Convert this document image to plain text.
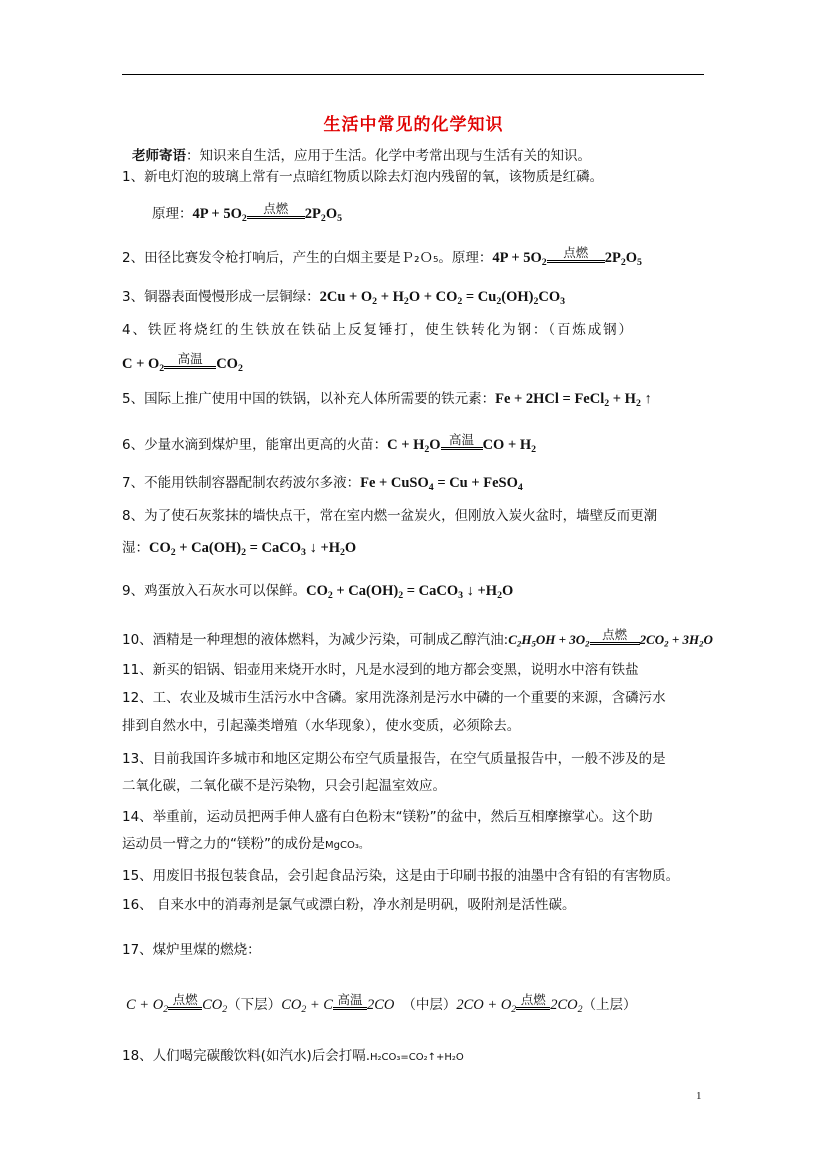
生活中常见的化学知识
老师寄语：知识来自生活，应用于生活。化学中考常出现与生活有关的知识。
1、新电灯泡的玻璃上常有一点暗红物质以除去灯泡内残留的氧，该物质是红磷。
原理：$4P + 5O_2$
点燃	$2P_2O_5$
2、田径比赛发令枪打响后，产生的白烟主要是Ｐ₂Ｏ₅。原理：$4P + 5O_2$
点燃	$2P_2O_5$
3、铜器表面慢慢形成一层铜绿：$2Cu + O_2 + H_2O + CO_2 = Cu_2(OH)_2CO_3$
4、铁匠将烧红的生铁放在铁砧上反复锤打，使生铁转化为钢：（百炼成钢）
$C + O_2$
高温 $CO_2$
5、国际上推广使用中国的铁锅，以补充人体所需要的铁元素：Fe + 2HCl = FeCl$_2$ + $H_2$ ↑
6、少量水滴到煤炉里，能窜出更高的火苗：$C + H_2O$ 高温 CO + $H_2$
7、不能用铁制容器配制农药波尔多液：Fe + CuSO$_4$ = Cu + FeSO$_4$
8、为了使石灰浆抹的墙快点干，常在室内燃一盆炭火，但刚放入炭火盆时，墙壁反而更潮
湿：$CO_2 + Ca(OH)_2$ = CaCO$_3$ ↓ $+H_2O$
9、鸡蛋放入石灰水可以保鲜。$CO_2 + Ca(OH)_2$ = CaCO$_3$ ↓ $+H_2O$
10、酒精是一种理想的液体燃料，为减少污染，可制成乙醇汽油$:C_2H_5OH + 3O_2$
点燃 $2CO_2 + 3H_2O$
11、新买的铝锅、铝壶用来烧开水时，凡是水浸到的地方都会变黑，说明水中溶有铁盐
12、工、农业及城市生活污水中含磷。家用洗涤剂是污水中磷的一个重要的来源，含磷污水
排到自然水中，引起藻类增殖（水华现象），使水变质，必须除去。
13、目前我国许多城市和地区定期公布空气质量报告，在空气质量报告中，一般不涉及的是
二氧化碳，二氧化碳不是污染物，只会引起温室效应。
14、举重前，运动员把两手伸人盛有白色粉末“镁粉”的盆中，然后互相摩擦掌心。这个助
运动员一臂之力的“镁粉”的成份是MgCO₃。
15、用废旧书报包装食品，会引起食品污染，这是由于印刷书报的油墨中含有铅的有害物质。
16、 自来水中的消毒剂是氯气或漂白粉，净水剂是明矾，吸附剂是活性碳。
17、煤炉里煤的燃烧：
$C + O_2$
点燃 $CO_2$（下层）$CO_2 + C$ 高温 2CO （中层）$2CO + O_2$
点燃 $2CO_2$（上层）
18、人们喝完碳酸饮料(如汽水)后会打嗝.H₂CO₃=CO₂↑+H₂O
1
